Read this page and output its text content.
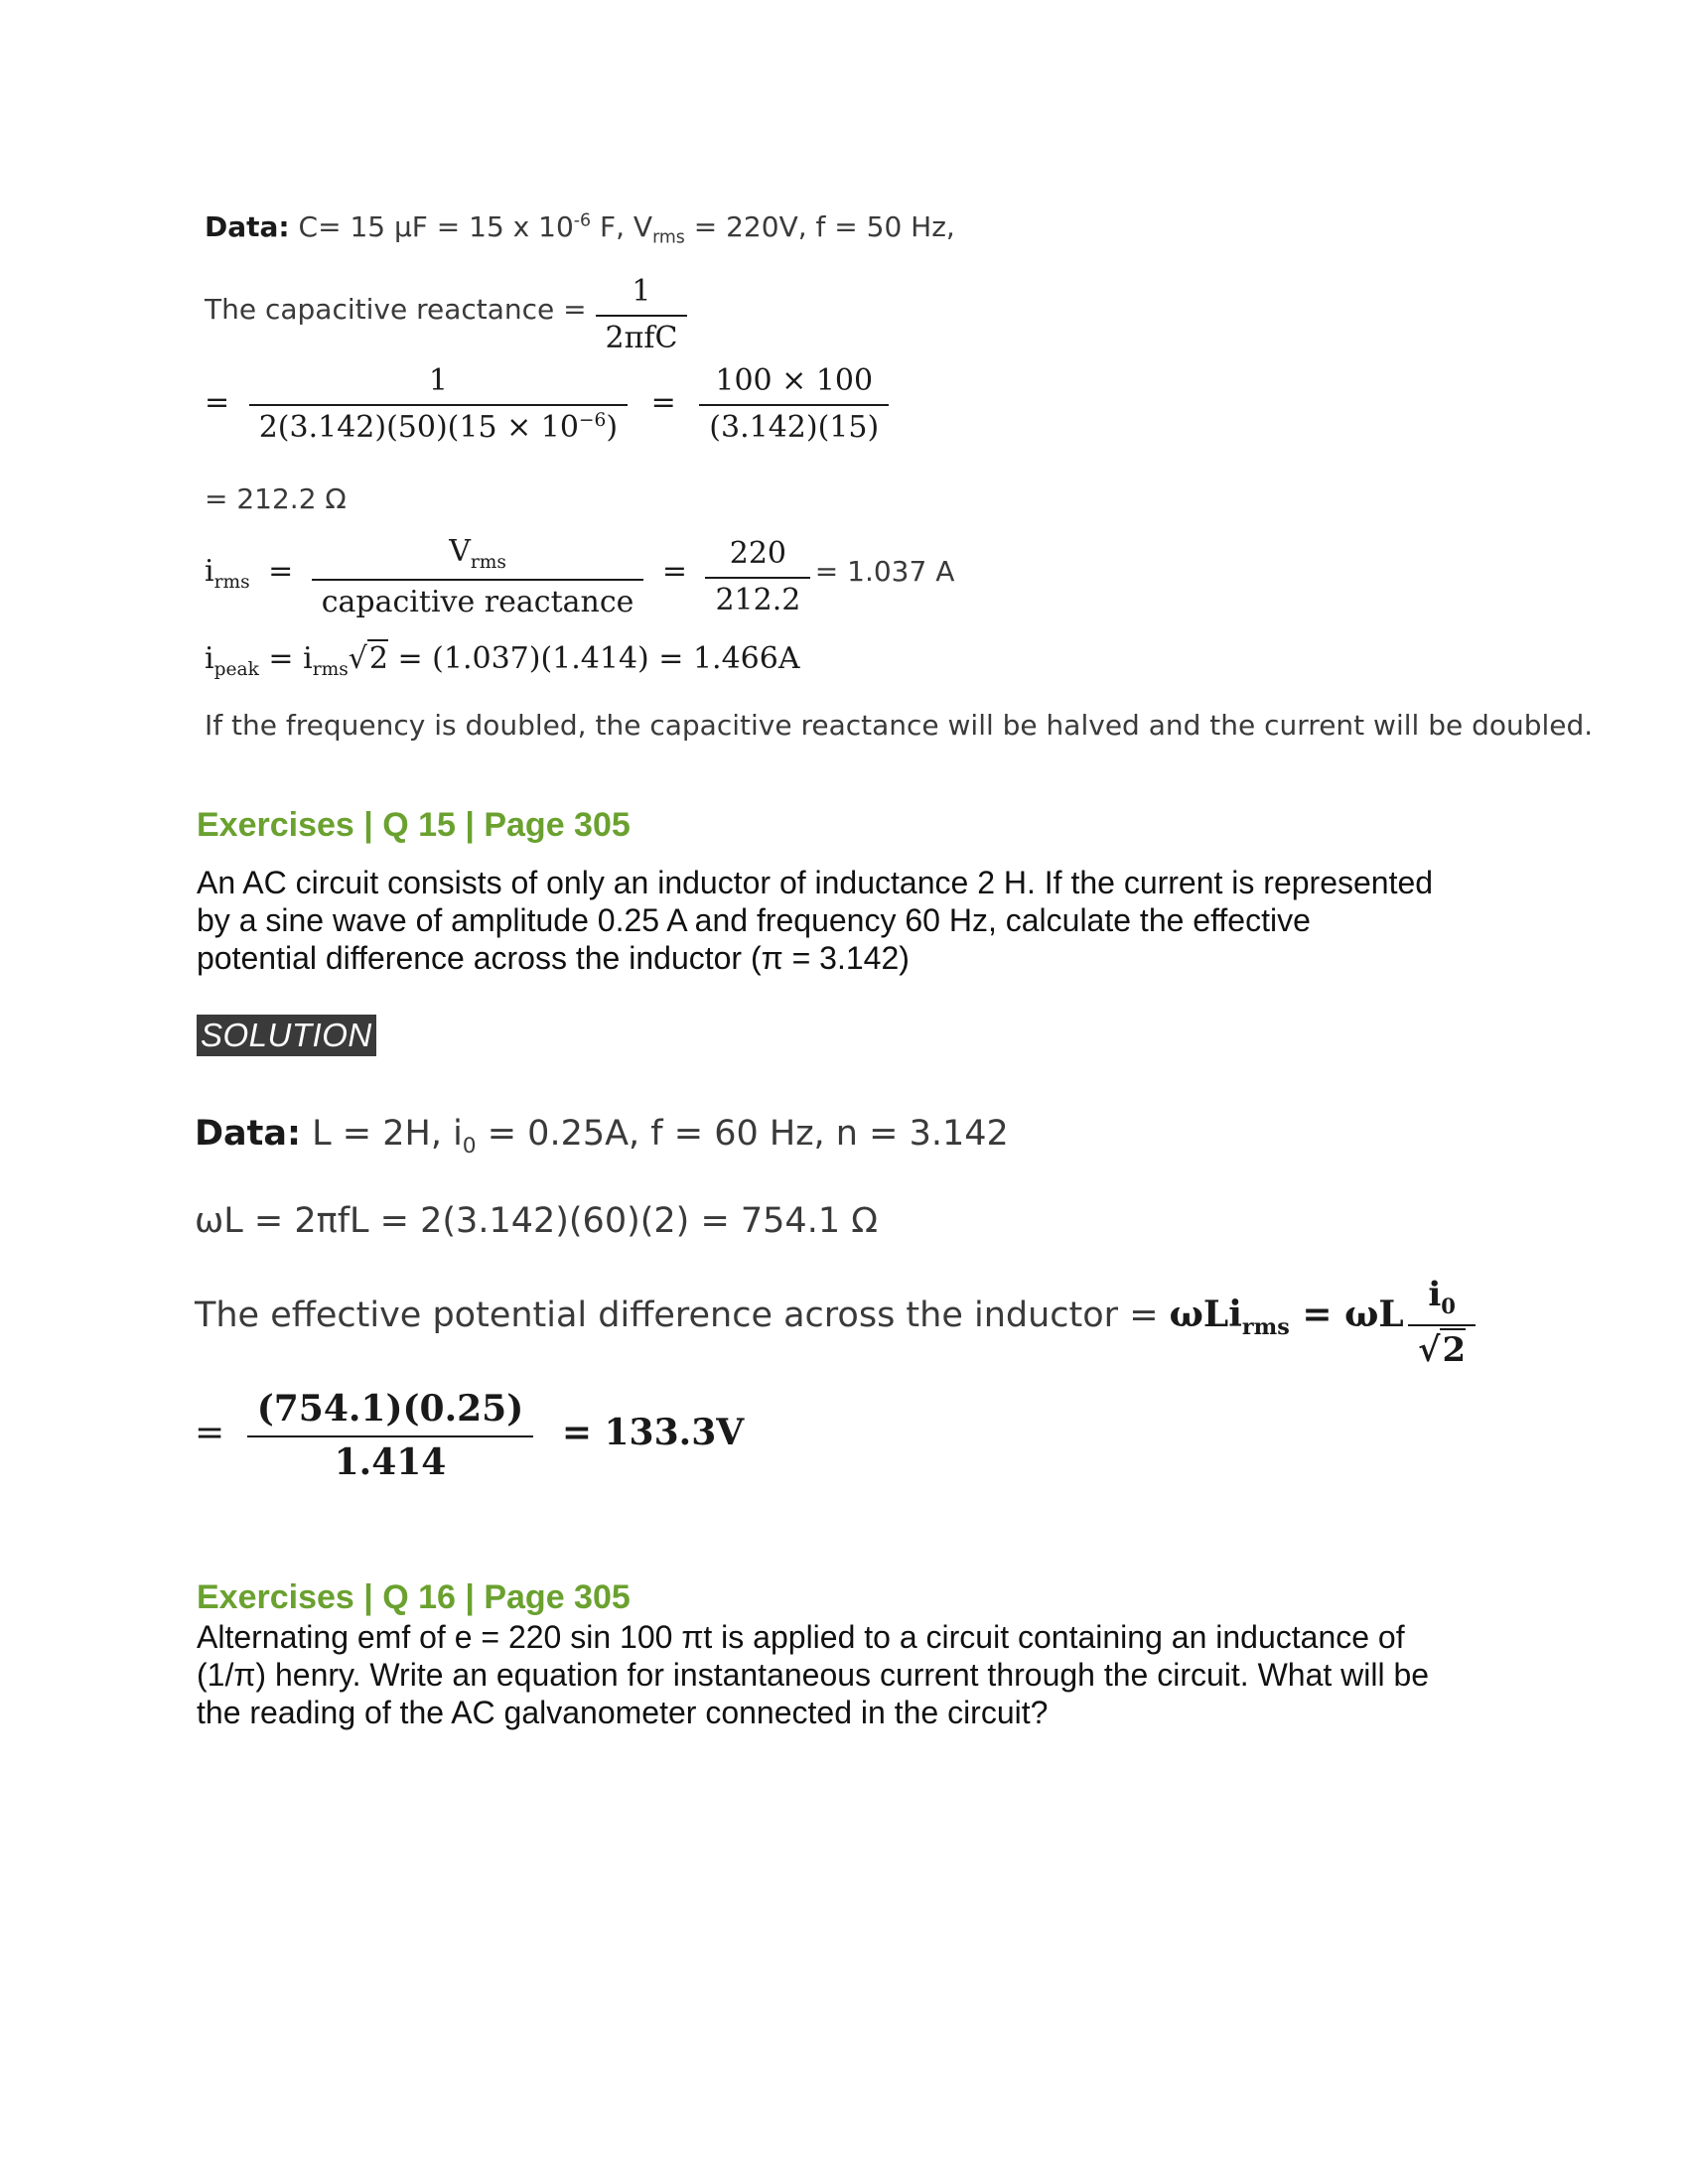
Data: C= 15 μF = 15 x $10^{-6}$ F, $V_{rms} = 220V$, f = 50 Hz,
The capacitive reactance = $\frac{1}{\text{2πfC}}$
= $\frac{1}{2(3.142)(50)(15 \times 10^{-6})} = \frac{100 \times 100}{(3.142)(15)}$
= 212.2 Ω
$i_{rms} = \frac{V_{rms}}{\text{capacitive reactance}} = \frac{220}{212.2} = 1.037$ A
$i_{peak} = i_{rms}√2 = (1.037)(1.414) = 1.466A$
If the frequency is doubled, the capacitive reactance will be halved and the current will be doubled.
Exercises | Q 15 | Page 305
An AC circuit consists of only an inductor of inductance 2 H. If the current is represented
by a sine wave of amplitude 0.25 A and frequency 60 Hz, calculate the effective
potential difference across the inductor (π = 3.142)
SOLUTION
Data: L = 2H, $i_0 = 0.25A$, f = 60 Hz, n = 3.142
ωL = 2πfL = 2(3.142)(60)(2) = 754.1 Ω
The effective potential difference across the inductor = ωLi$_{rms}$ = ωL $\frac{i_0}{√2}$
= $\frac{(754.1)(0.25)}{1.414} = 133.3V$
Exercises | Q 16 | Page 305
Alternating emf of e = 220 sin 100 πt is applied to a circuit containing an inductance of
(1/π) henry. Write an equation for instantaneous current through the circuit. What will be
the reading of the AC galvanometer connected in the circuit?
